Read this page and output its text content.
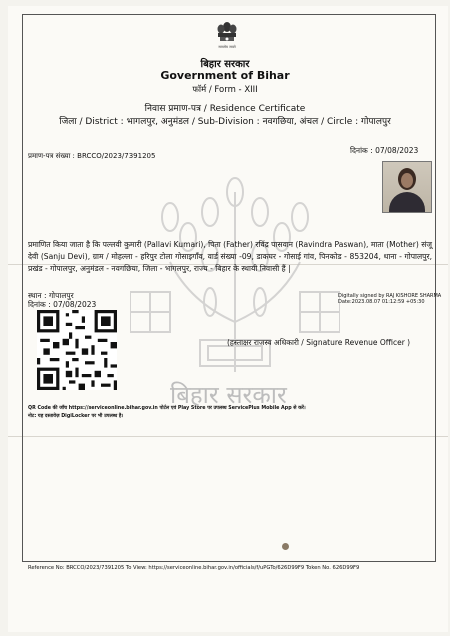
सत्यमेव जयते
बिहार सरकार
Government of Bihar
फॉर्म / Form - XIII
निवास प्रमाण-पत्र / Residence Certificate
जिला / District : भागलपुर, अनुमंडल / Sub-Division : नवगछिया, अंचल / Circle : गोपालपुर
प्रमाण-पत्र संख्या : BRCCO/2023/7391205
दिनांक : 07/08/2023
बिहार सरकार
प्रमाणित किया जाता है कि पल्लवी कुमारी (Pallavi Kumari), पिता (Father) रविंद्र पासवान (Ravindra Paswan), माता (Mother) संजू देवी (Sanju Devi), ग्राम / मोहल्ला - हरिपुर टोला गोसाइगाँव, वार्ड संख्या -09, डाकघर - गोसाई गांव, पिनकोड - 853204, थाना - गोपालपुर, प्रखंड - गोपालपुर, अनुमंडल - नवगछिया, जिला - भागलपुर, राज्य - बिहार के स्थायी निवासी हैं |
स्थान : गोपालपुर
दिनांक : 07/08/2023
Digitally signed by RAJ KISHORE SHARMA
Date:2023.08.07 01:12:59 +05:30
(हस्ताक्षर राजस्व अधिकारी / Signature Revenue Officer )
QR Code की जाँच https://serviceonline.bihar.gov.in पोर्टल एवं Play Store पर उपलब्ध ServicePlus Mobile App से करें।
नोट: यह दस्तावेज़ DigiLocker पर भी उपलब्ध है।
Reference No: BRCCO/2023/7391205 To View: https://serviceonline.bihar.gov.in/officials/f/uPGTo/626D99F9 Token No. 626D99F9
